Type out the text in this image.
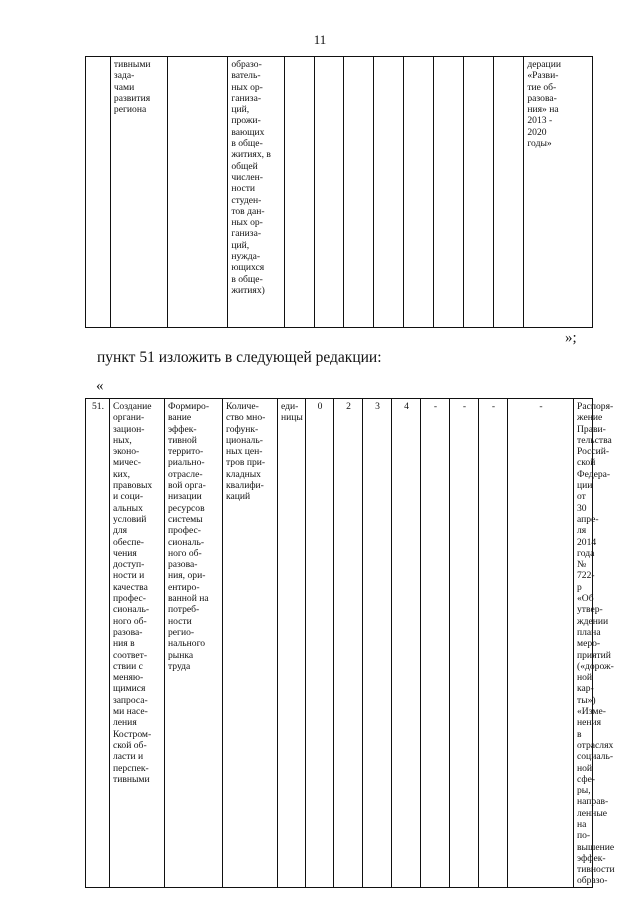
11
	тивными
зада-
чами
развития
региона		образо-
ватель-
ных ор-
ганиза-
ций,
прожи-
вающих
в обще-
житиях, в
общей
числен-
ности
студен-
тов дан-
ных ор-
ганиза-
ций,
нужда-
ющихся
в обще-
житиях)									дерации
«Разви-
тие об-
разова-
ния» на
2013 -
2020
годы»
»;
пункт 51 изложить в следующей редакции:
«
51.	Создание
органи-
зацион-
ных,
эконо-
мичес-
ких,
правовых
и соци-
альных
условий
для
обеспе-
чения
доступ-
ности и
качества
профес-
сиональ-
ного об-
разова-
ния в
соответ-
ствии с
меняю-
щимися
запроса-
ми насе-
ления
Костром-
ской об-
ласти и
перспек-
тивными	Формиро-
вание
эффек-
тивной
террито-
риально-
отрасле-
вой орга-
низации
ресурсов
системы
профес-
сиональ-
ного об-
разова-
ния, ори-
ентиро-
ванной на
потреб-
ности
регио-
нального
рынка
труда	Количе-
ство мно-
гофунк-
циональ-
ных цен-
тров при-
кладных
квалифи-
каций	еди-
ницы	0	2	3	4	-	-	-	-	Распоря-
жение
Прави-
тельства
Россий-
ской
Федера-
ции от
30 апре-
ля 2014
года
№ 722-р
«Об
утвер-
ждении
плана
меро-
приятий
(«дорож-
ной кар-
ты»)
«Изме-
нения в
отраслях
социаль-
ной сфе-
ры,
направ-
ленные
на по-
вышение
эффек-
тивности
образо-
